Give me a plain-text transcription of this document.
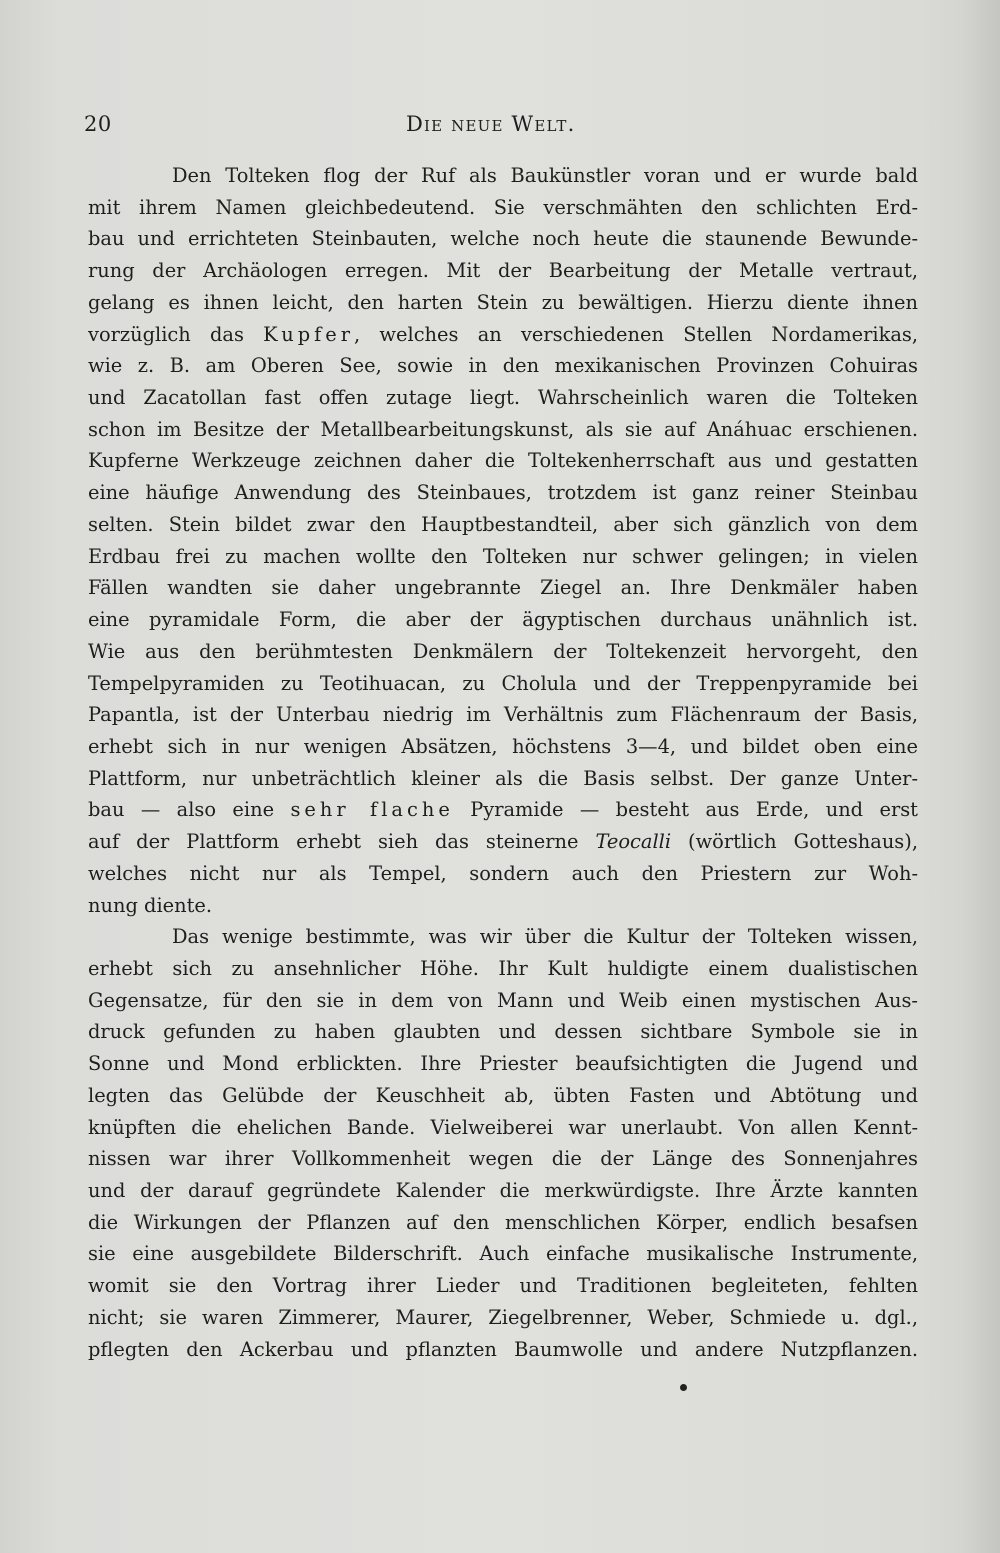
20	Die neue Welt.
Den Tolteken flog der Ruf als Baukünstler voran und er wurde bald
mit ihrem Namen gleichbedeutend. Sie verschmähten den schlichten Erd-
bau und errichteten Steinbauten, welche noch heute die staunende Bewunde-
rung der Archäologen erregen. Mit der Bearbeitung der Metalle vertraut,
gelang es ihnen leicht, den harten Stein zu bewältigen. Hierzu diente ihnen
vorzüglich das Kupfer, welches an verschiedenen Stellen Nordamerikas,
wie z. B. am Oberen See, sowie in den mexikanischen Provinzen Cohuiras
und Zacatollan fast offen zutage liegt. Wahrscheinlich waren die Tolteken
schon im Besitze der Metallbearbeitungskunst, als sie auf Anáhuac erschienen.
Kupferne Werkzeuge zeichnen daher die Toltekenherrschaft aus und gestatten
eine häufige Anwendung des Steinbaues, trotzdem ist ganz reiner Steinbau
selten. Stein bildet zwar den Hauptbestandteil, aber sich gänzlich von dem
Erdbau frei zu machen wollte den Tolteken nur schwer gelingen; in vielen
Fällen wandten sie daher ungebrannte Ziegel an. Ihre Denkmäler haben
eine pyramidale Form, die aber der ägyptischen durchaus unähnlich ist.
Wie aus den berühmtesten Denkmälern der Toltekenzeit hervorgeht, den
Tempelpyramiden zu Teotihuacan, zu Cholula und der Treppenpyramide bei
Papantla, ist der Unterbau niedrig im Verhältnis zum Flächenraum der Basis,
erhebt sich in nur wenigen Absätzen, höchstens 3—4, und bildet oben eine
Plattform, nur unbeträchtlich kleiner als die Basis selbst. Der ganze Unter-
bau — also eine sehr flache Pyramide — besteht aus Erde, und erst
auf der Plattform erhebt sieh das steinerne Teocalli (wörtlich Gotteshaus),
welches nicht nur als Tempel, sondern auch den Priestern zur Woh-
nung diente.
Das wenige bestimmte, was wir über die Kultur der Tolteken wissen,
erhebt sich zu ansehnlicher Höhe. Ihr Kult huldigte einem dualistischen
Gegensatze, für den sie in dem von Mann und Weib einen mystischen Aus-
druck gefunden zu haben glaubten und dessen sichtbare Symbole sie in
Sonne und Mond erblickten. Ihre Priester beaufsichtigten die Jugend und
legten das Gelübde der Keuschheit ab, übten Fasten und Abtötung und
knüpften die ehelichen Bande. Vielweiberei war unerlaubt. Von allen Kennt-
nissen war ihrer Vollkommenheit wegen die der Länge des Sonnenjahres
und der darauf gegründete Kalender die merkwürdigste. Ihre Ärzte kannten
die Wirkungen der Pflanzen auf den menschlichen Körper, endlich besafsen
sie eine ausgebildete Bilderschrift. Auch einfache musikalische Instrumente,
womit sie den Vortrag ihrer Lieder und Traditionen begleiteten, fehlten
nicht; sie waren Zimmerer, Maurer, Ziegelbrenner, Weber, Schmiede u. dgl.,
pflegten den Ackerbau und pflanzten Baumwolle und andere Nutzpflanzen.
